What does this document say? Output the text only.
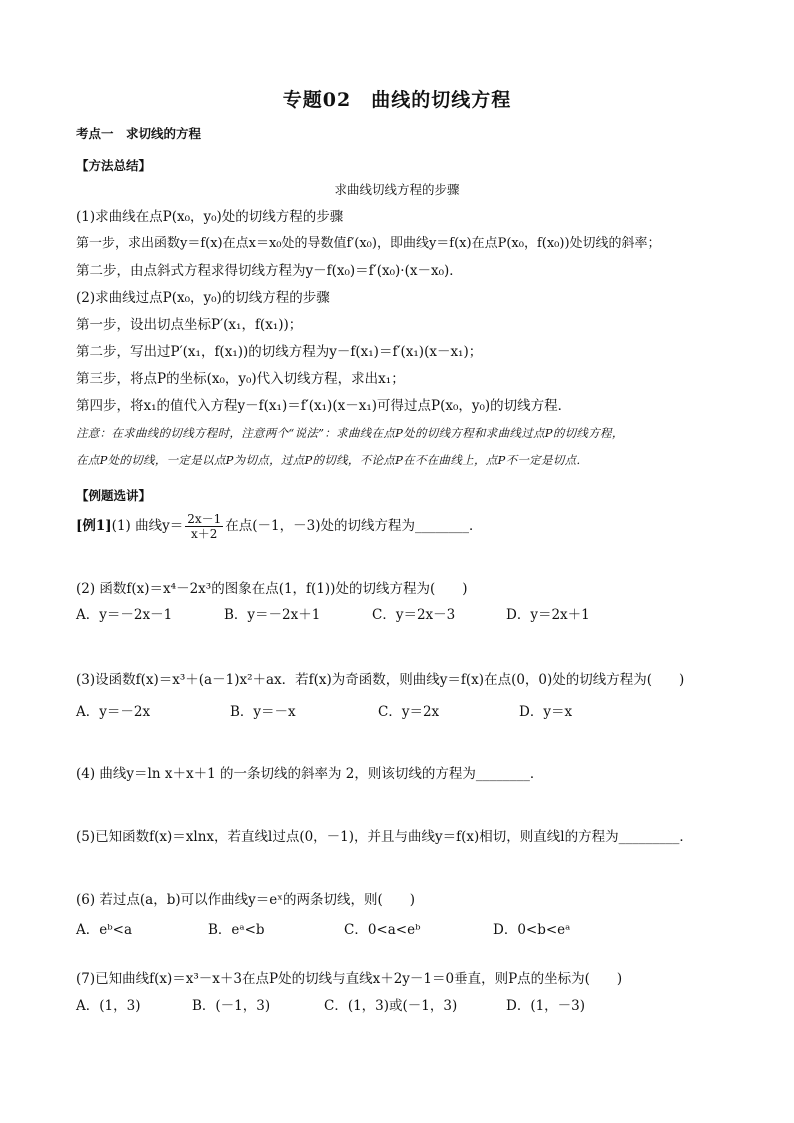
专题02　曲线的切线方程
考点一　求切线的方程
【方法总结】
求曲线切线方程的步骤
(1)求曲线在点P(x₀，y₀)处的切线方程的步骤
第一步，求出函数y＝f(x)在点x＝x₀处的导数值f′(x₀)，即曲线y＝f(x)在点P(x₀，f(x₀))处切线的斜率；
第二步，由点斜式方程求得切线方程为y－f(x₀)＝f′(x₀)·(x－x₀)．
(2)求曲线过点P(x₀，y₀)的切线方程的步骤
第一步，设出切点坐标P′(x₁，f(x₁))；
第二步，写出过P′(x₁，f(x₁))的切线方程为y－f(x₁)＝f′(x₁)(x－x₁)；
第三步，将点P的坐标(x₀，y₀)代入切线方程，求出x₁；
第四步，将x₁的值代入方程y－f(x₁)＝f′(x₁)(x－x₁)可得过点P(x₀，y₀)的切线方程．
注意：在求曲线的切线方程时，注意两个“说法”：求曲线在点P处的切线方程和求曲线过点P的切线方程，
在点P处的切线，一定是以点P为切点，过点P的切线，不论点P在不在曲线上，点P不一定是切点．
【例题选讲】
[例1](1) 曲线$y= \frac{2x-1}{x+2}$ 在点(－1，－3)处的切线方程为________．
(2) 函数f(x)＝x⁴－2x³的图象在点(1，f(1))处的切线方程为(　　)
A．y＝－2x－1	B．y＝－2x＋1	C．y＝2x－3	D．y＝2x＋1
(3)设函数f(x)＝x³＋(a－1)x²＋ax．若f(x)为奇函数，则曲线y＝f(x)在点(0，0)处的切线方程为(　　)
A．y＝－2x	B．y＝－x	C．y＝2x	D．y＝x
(4) 曲线y＝ln x＋x＋1 的一条切线的斜率为 2，则该切线的方程为________．
(5)已知函数f(x)＝xlnx，若直线l过点(0，－1)，并且与曲线y＝f(x)相切，则直线l的方程为_________．
(6) 若过点(a，b)可以作曲线y＝eˣ的两条切线，则(　　)
A．eᵇ<a	B．eᵃ<b	C．0<a<eᵇ	D．0<b<eᵃ
(7)已知曲线f(x)＝x³－x＋3在点P处的切线与直线x＋2y－1＝0垂直，则P点的坐标为(　　)
A．(1，3)	B．(－1，3)	C．(1，3)或(－1，3)	D．(1，－3)
